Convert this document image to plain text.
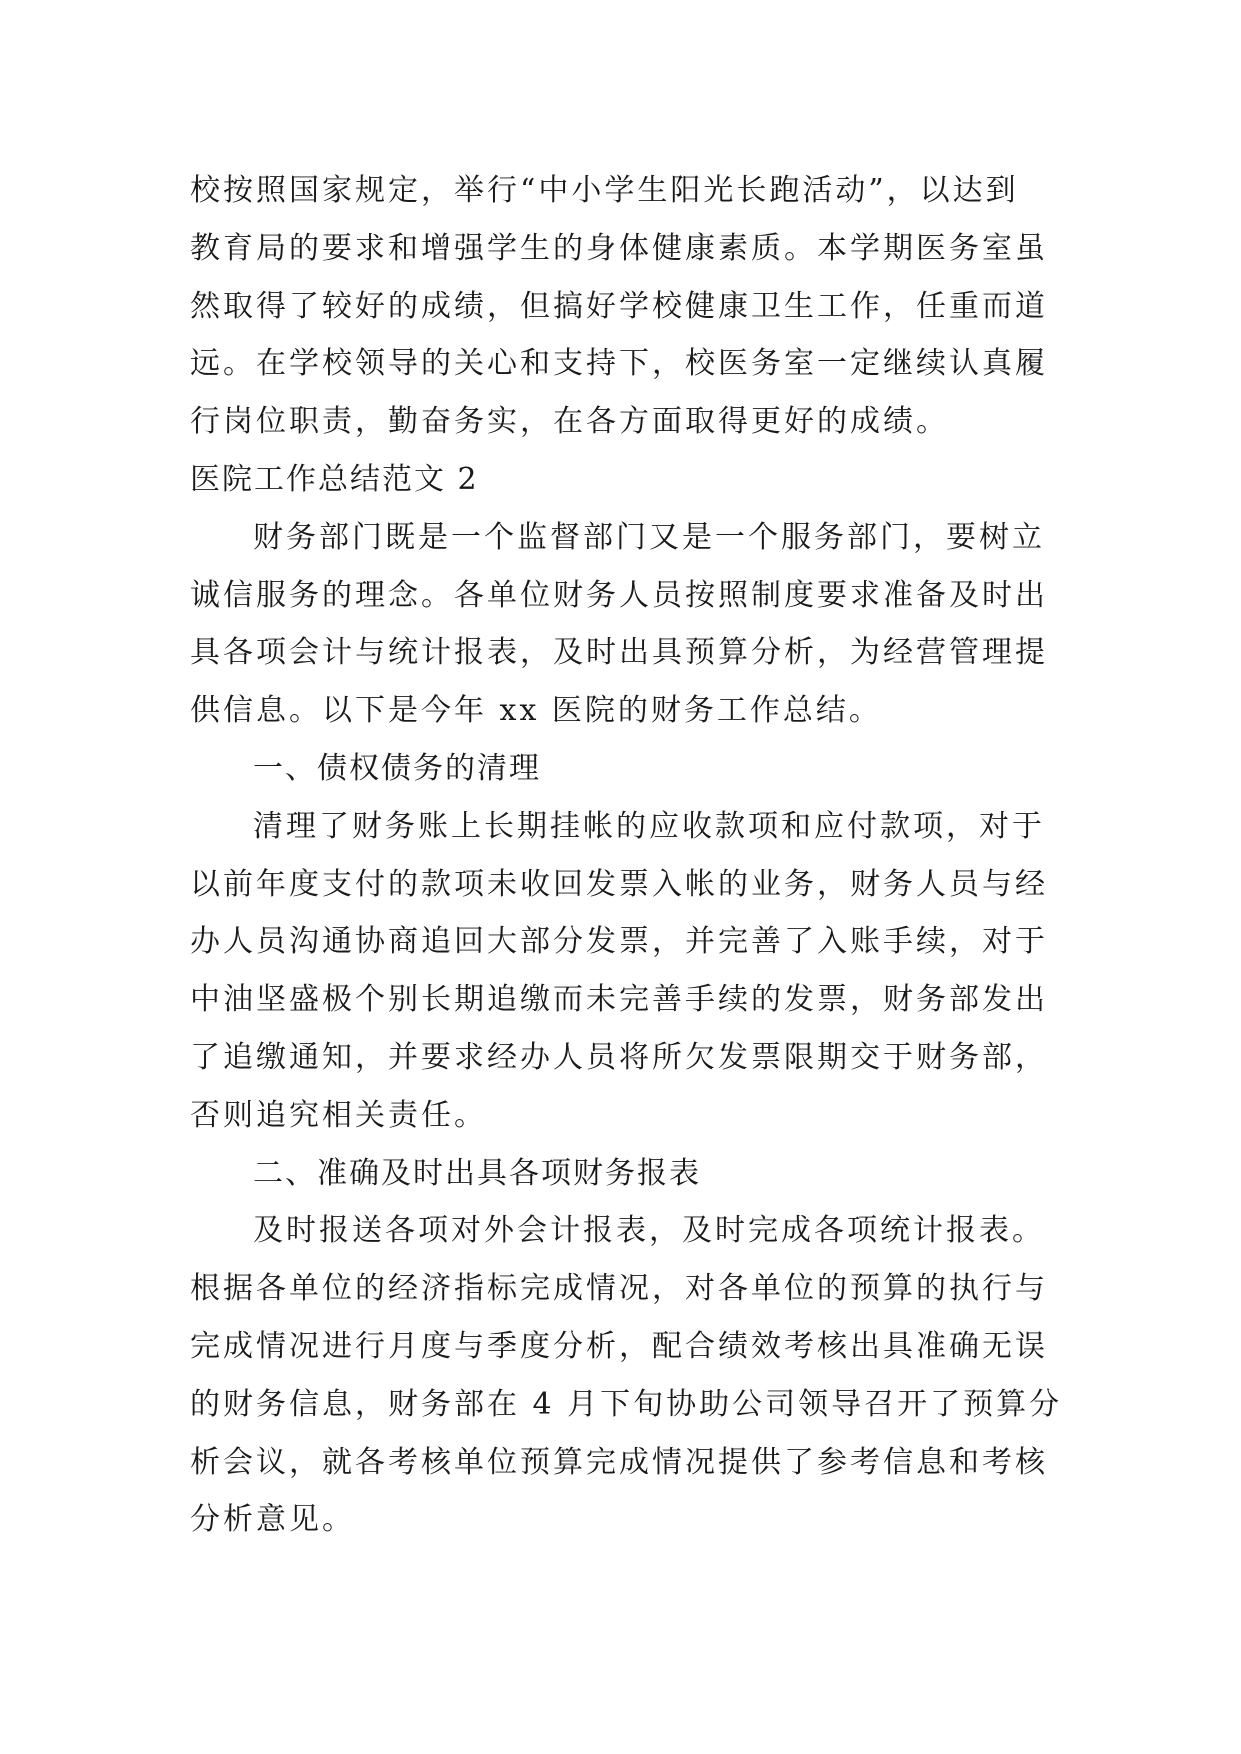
校按照国家规定，举行“中小学生阳光长跑活动”，以达到
教育局的要求和增强学生的身体健康素质。本学期医务室虽
然取得了较好的成绩，但搞好学校健康卫生工作，任重而道
远。在学校领导的关心和支持下，校医务室一定继续认真履
行岗位职责，勤奋务实，在各方面取得更好的成绩。
医院工作总结范文 2
财务部门既是一个监督部门又是一个服务部门，要树立
诚信服务的理念。各单位财务人员按照制度要求准备及时出
具各项会计与统计报表，及时出具预算分析，为经营管理提
供信息。以下是今年 xx 医院的财务工作总结。
一、债权债务的清理
清理了财务账上长期挂帐的应收款项和应付款项，对于
以前年度支付的款项未收回发票入帐的业务，财务人员与经
办人员沟通协商追回大部分发票，并完善了入账手续，对于
中油坚盛极个别长期追缴而未完善手续的发票，财务部发出
了追缴通知，并要求经办人员将所欠发票限期交于财务部，
否则追究相关责任。
二、准确及时出具各项财务报表
及时报送各项对外会计报表，及时完成各项统计报表。
根据各单位的经济指标完成情况，对各单位的预算的执行与
完成情况进行月度与季度分析，配合绩效考核出具准确无误
的财务信息，财务部在 4 月下旬协助公司领导召开了预算分
析会议，就各考核单位预算完成情况提供了参考信息和考核
分析意见。
